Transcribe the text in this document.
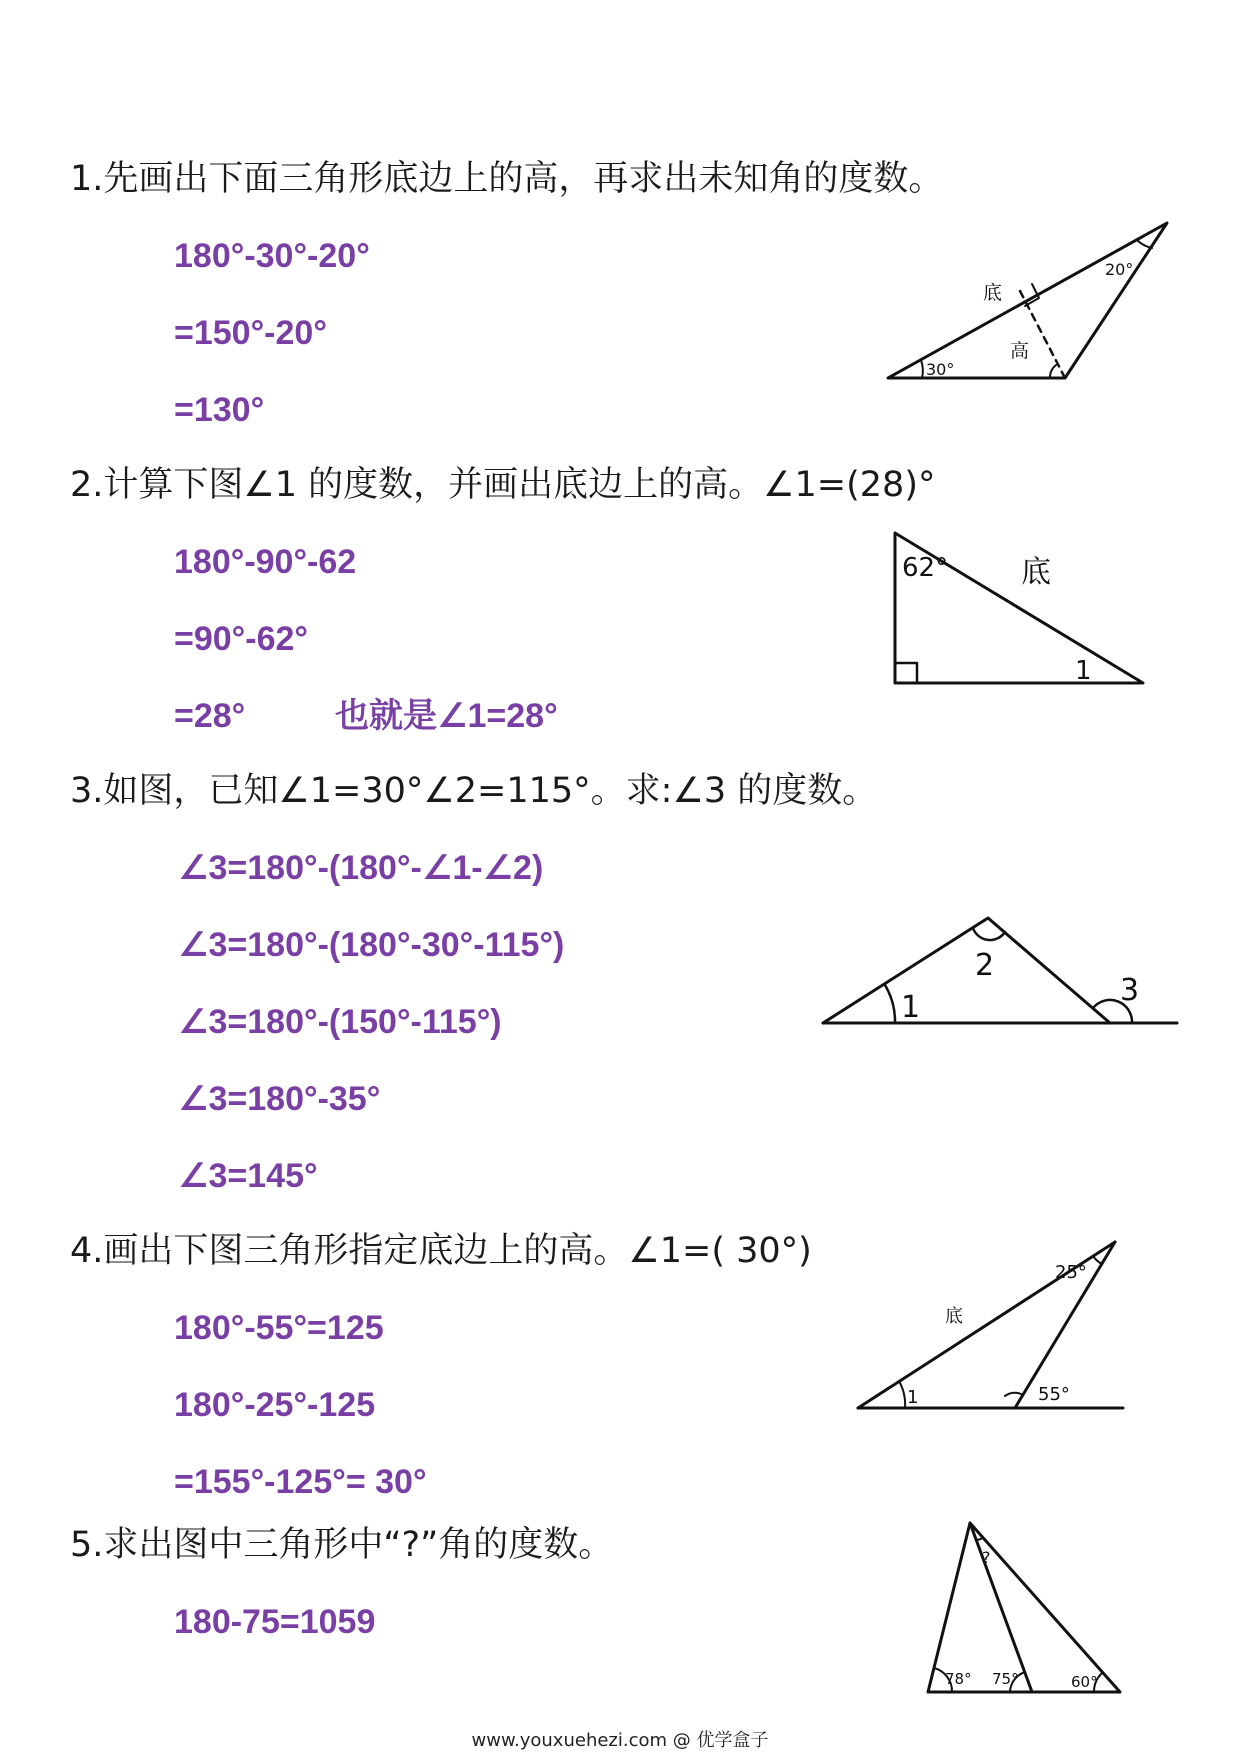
1.先画出下面三角形底边上的高，再求出未知角的度数。
180°-30°-20°
=150°-20°
=130°
底
高
20°
30°
2.计算下图∠1 的度数，并画出底边上的高。∠1=(28)°
180°-90°-62
=90°-62°
=28°	也就是∠1=28°
62° 底
1
3.如图，已知∠1=30°∠2=115°。求:∠3 的度数。
∠3=180°-(180°-∠1-∠2)
∠3=180°-(180°-30°-115°)
∠3=180°-(150°-115°)
∠3=180°-35°
∠3=145°
1
2
3
4.画出下图三角形指定底边上的高。∠1=( 30°)
180°-55°=125
180°-25°-125
=155°-125°= 30°
底
25°
55°
1
5.求出图中三角形中“?”角的度数。
180-75=1059
?
78° 75°	60°
www.youxuehezi.com @ 优学盒子
